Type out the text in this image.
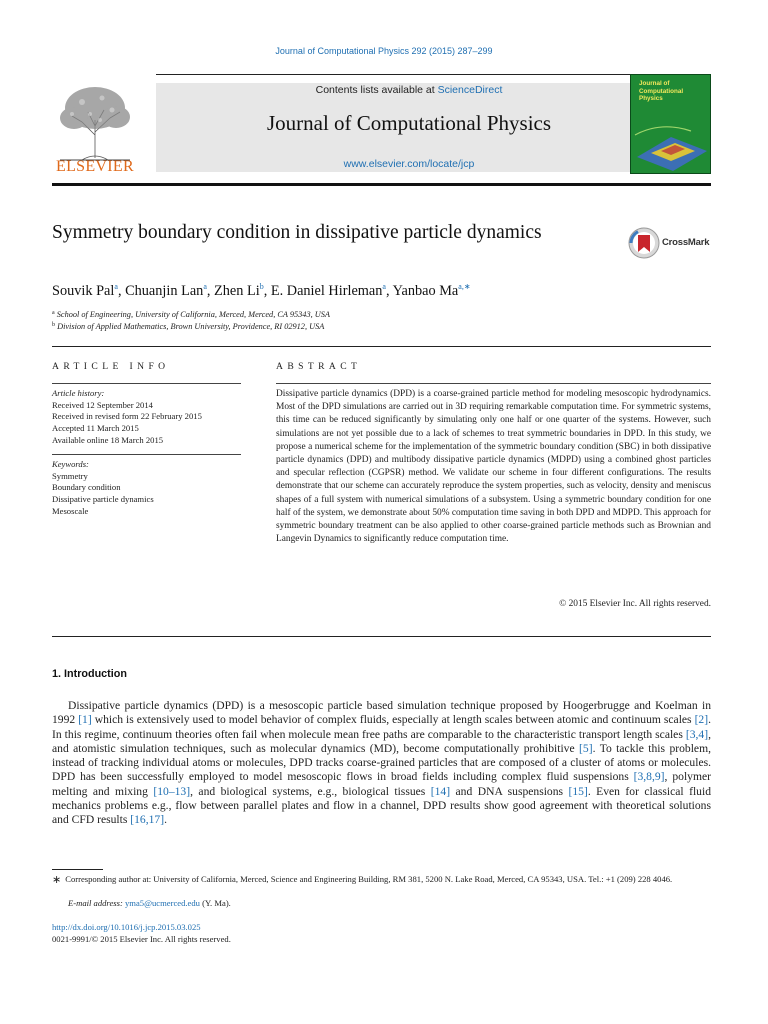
Journal of Computational Physics 292 (2015) 287–299
ELSEVIER
Contents lists available at ScienceDirect
Journal of Computational Physics
www.elsevier.com/locate/jcp
Journal of Computational Physics
Symmetry boundary condition in dissipative particle dynamics	CrossMark
Souvik Pal$^a$, Chuanjin Lan$^a$, Zhen Li$^b$, E. Daniel Hirleman$^a$, Yanbao $Ma^{a,∗}$
$^a$ School of Engineering, University of California, Merced, Merced, CA 95343, USA
$^b$ Division of Applied Mathematics, Brown University, Providence, RI 02912, USA
ARTICLE INFO	ABSTRACT
Article history:
Received 12 September 2014
Received in revised form 22 February 2015
Accepted 11 March 2015
Available online 18 March 2015
Keywords:
Symmetry
Boundary condition
Dissipative particle dynamics
Mesoscale
Dissipative particle dynamics (DPD) is a coarse-grained particle method for modeling mesoscopic hydrodynamics. Most of the DPD simulations are carried out in 3D requiring remarkable computation time. For symmetric systems, this time can be reduced significantly by simulating only one half or one quarter of the systems. However, such simulations are not yet possible due to a lack of schemes to treat symmetric boundaries in DPD. In this study, we propose a numerical scheme for the implementation of the symmetric boundary condition (SBC) in both dissipative particle dynamics (DPD) and multibody dissipative particle dynamics (MDPD) using a combined ghost particles and specular reflection (CGPSR) method. We validate our scheme in four different configurations. The results demonstrate that our scheme can accurately reproduce the system properties, such as velocity, density and meniscus shapes of a full system with numerical simulations of a subsystem. Using a symmetric boundary condition for one half of the system, we demonstrate about 50% computation time saving in both DPD and MDPD. This approach for symmetric boundary treatment can be also applied to other coarse-grained particle methods such as Brownian and Langevin Dynamics to significantly reduce computation time.
© 2015 Elsevier Inc. All rights reserved.
1. Introduction
Dissipative particle dynamics (DPD) is a mesoscopic particle based simulation technique proposed by Hoogerbrugge and Koelman in 1992 [1] which is extensively used to model behavior of complex fluids, especially at length scales between atomic and continuum scales [2]. In this regime, continuum theories often fail when molecule mean free paths are comparable to the characteristic transport length scales [3,4], and atomistic simulation techniques, such as molecular dynamics (MD), become computationally prohibitive [5]. To tackle this problem, instead of tracking individual atoms or molecules, DPD tracks coarse-grained particles that are composed of a cluster of atoms or molecules. DPD has been successfully employed to model mesoscopic flows in broad fields including complex fluid suspensions [3,8,9], polymer melting and mixing [10–13], and biological systems, e.g., biological tissues [14] and DNA suspensions [15]. Even for classical fluid mechanics problems e.g., flow between parallel plates and flow in a channel, DPD results show good agreement with theoretical solutions and CFD results [16,17].
∗ Corresponding author at: University of California, Merced, Science and Engineering Building, RM 381, 5200 N. Lake Road, Merced, CA 95343, USA. Tel.: +1 (209) 228 4046.
E-mail address: yma5@ucmerced.edu (Y. Ma).
http://dx.doi.org/10.1016/j.jcp.2015.03.025
0021-9991/© 2015 Elsevier Inc. All rights reserved.
